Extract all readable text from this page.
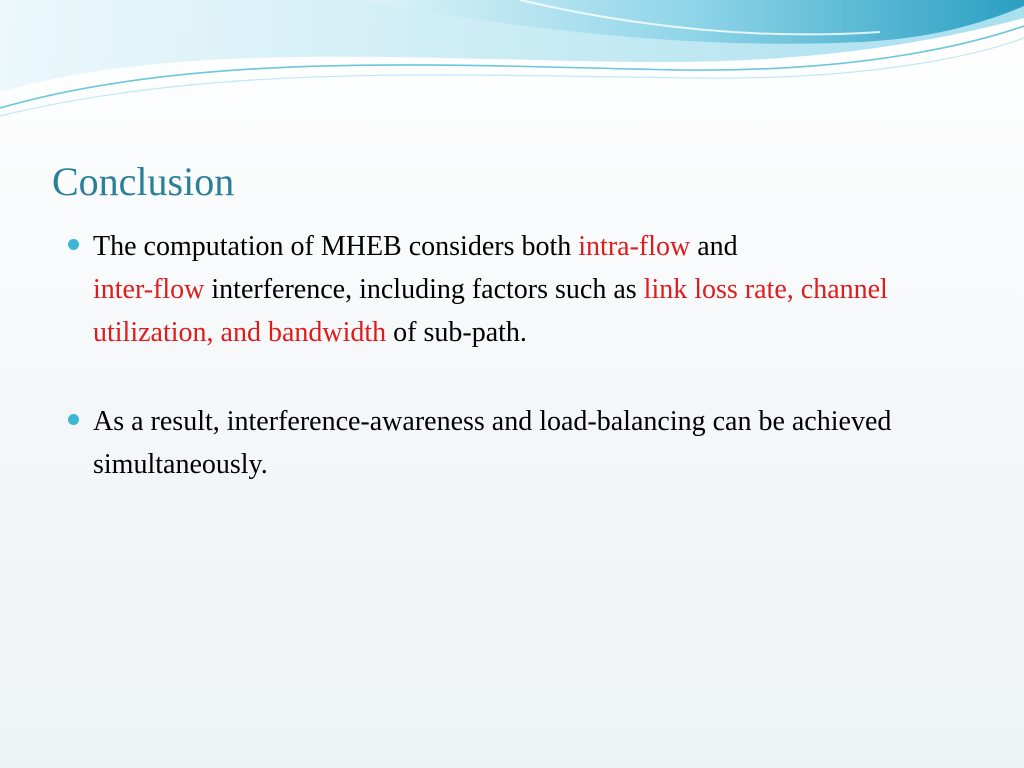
Conclusion
The computation of MHEB considers both intra-flow and
inter-flow interference, including factors such as link loss rate, channel utilization, and bandwidth of sub-path.
As a result, interference-awareness and load-balancing can be achieved simultaneously.
